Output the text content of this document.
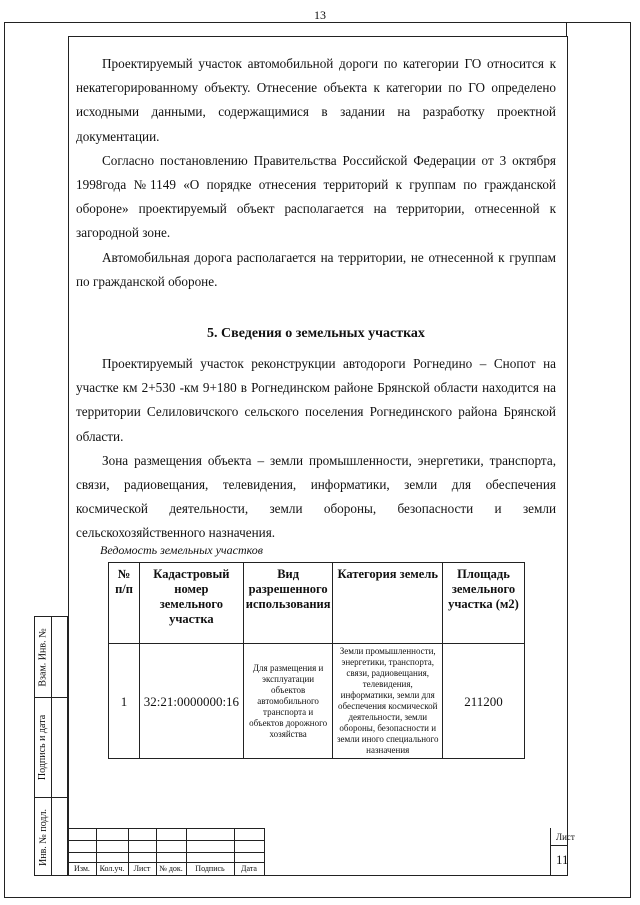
13

Проектируемый участок автомобильной дороги по категории ГО относится к некатегорированному объекту. Отнесение объекта к категории по ГО определено исходными данными, содержащимися в задании на разработку проектной документации.

Согласно постановлению Правительства Российской Федерации от 3 октября 1998года №1149 «О порядке отнесения территорий к группам по гражданской обороне» проектируемый объект располагается на территории, отнесенной к загородной зоне.

Автомобильная дорога располагается на территории, не отнесенной к группам по гражданской обороне.

5. Сведения о земельных участках

Проектируемый участок реконструкции автодороги Рогнедино – Снопот на участке км 2+530 -км 9+180 в Рогнединском районе Брянской области находится на территории Селиловичского сельского поселения Рогнединского района Брянской области.

Зона размещения объекта – земли промышленности, энергетики, транспорта, связи, радиовещания, телевидения, информатики, земли для обеспечения космической деятельности, земли обороны, безопасности и земли сельскохозяйственного назначения.

Ведомость земельных участков
№ п/п	Кадастровый номер земельного участка	Вид разрешенного использования	Категория земель	Площадь земельного участка (м2)
1	32:21:0000000:16	Для размещения и эксплуатации объектов автомобильного транспорта и объектов дорожного хозяйства	Земли промышленности, энергетики, транспорта, связи, радиовещания, телевидения, информатики, земли для обеспечения космической деятельности, земли обороны, безопасности и земли иного специального назначения	211200
Взам. Инв. №
Подпись и дата
Инв. № подл.
Изм.	Кол.уч.	Лист	№ док.	Подпись	Дата
Лист
11
